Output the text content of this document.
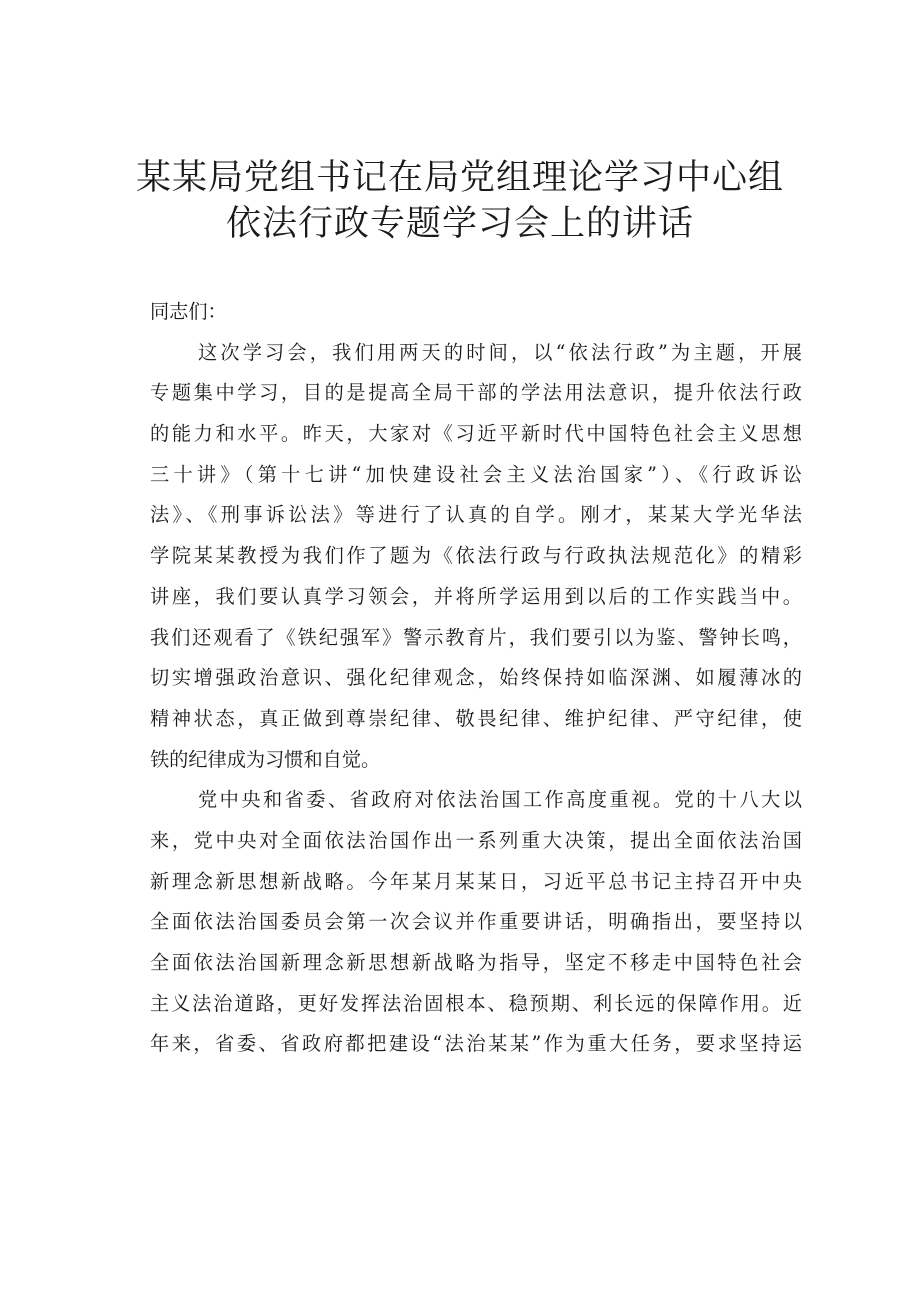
某某局党组书记在局党组理论学习中心组
依法行政专题学习会上的讲话
同志们：
这次学习会，我们用两天的时间，以“依法行政”为主题，开展
专题集中学习，目的是提高全局干部的学法用法意识，提升依法行政
的能力和水平。昨天，大家对《习近平新时代中国特色社会主义思想
三十讲》（第十七讲“加快建设社会主义法治国家”）、《行政诉讼
法》、《刑事诉讼法》等进行了认真的自学。刚才，某某大学光华法
学院某某教授为我们作了题为《依法行政与行政执法规范化》的精彩
讲座，我们要认真学习领会，并将所学运用到以后的工作实践当中。
我们还观看了《铁纪强军》警示教育片，我们要引以为鉴、警钟长鸣，
切实增强政治意识、强化纪律观念，始终保持如临深渊、如履薄冰的
精神状态，真正做到尊崇纪律、敬畏纪律、维护纪律、严守纪律，使
铁的纪律成为习惯和自觉。
党中央和省委、省政府对依法治国工作高度重视。党的十八大以
来，党中央对全面依法治国作出一系列重大决策，提出全面依法治国
新理念新思想新战略。今年某月某某日，习近平总书记主持召开中央
全面依法治国委员会第一次会议并作重要讲话，明确指出，要坚持以
全面依法治国新理念新思想新战略为指导，坚定不移走中国特色社会
主义法治道路，更好发挥法治固根本、稳预期、利长远的保障作用。近
年来，省委、省政府都把建设“法治某某”作为重大任务，要求坚持运
